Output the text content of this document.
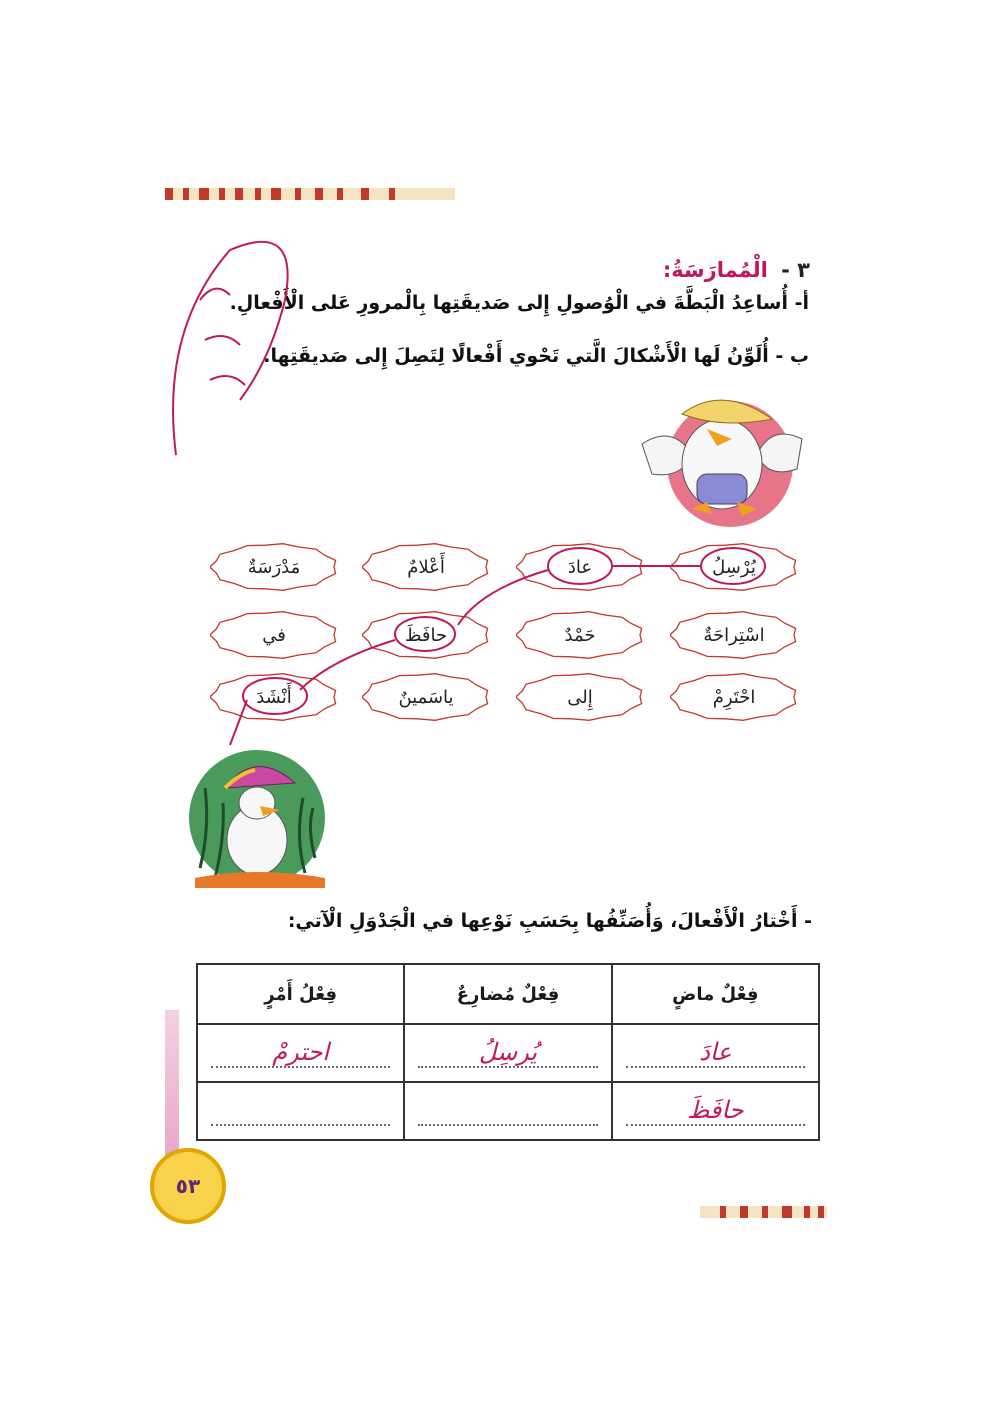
٣ - الْمُمارَسَةُ:
أ- أُساعِدُ الْبَطَّةَ في الْوُصولِ إِلى صَديقَتِها بِالْمرورِ عَلى الْأَفْعالِ.
ب - أُلَوِّنُ لَها الْأَشْكالَ الَّتي تَحْوي أَفْعالًا لِتَصِلَ إِلى صَديقَتِها.
يُرْسِلُ
عادَ
أَعْلامٌ
مَدْرَسَةٌ
اسْتِراحَةٌ
حَمْدٌ
حافَظَ
في
احْتَرِمْ
إِلى
ياسَمينٌ
أَنْشَدَ
- أَخْتارُ الْأَفْعالَ، وَأُصَنِّفُها بِحَسَبِ نَوْعِها في الْجَدْوَلِ الْآتي:
فِعْلٌ ماضٍ	فِعْلٌ مُضارِعٌ	فِعْلُ أَمْرٍ

عادَ	يُرسِلُ	احترمْ

حافَظَ		

٥٣
